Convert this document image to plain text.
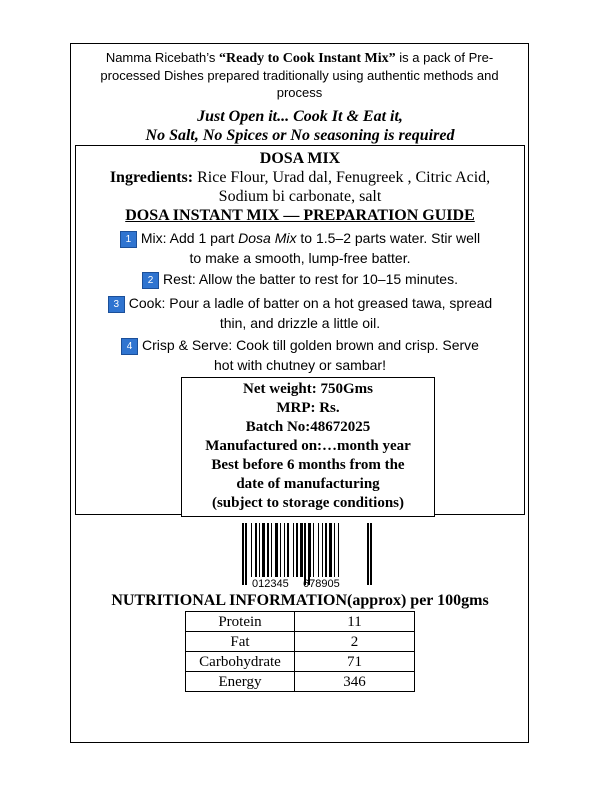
Namma Ricebath’s “Ready to Cook Instant Mix” is a pack of Pre-
processed Dishes prepared traditionally using authentic methods and
process
Just Open it... Cook It & Eat it,
No Salt, No Spices or No seasoning is required
DOSA MIX
Ingredients: Rice Flour, Urad dal, Fenugreek , Citric Acid,
Sodium bi carbonate, salt
DOSA INSTANT MIX — PREPARATION GUIDE
1 Mix: Add 1 part Dosa Mix to 1.5–2 parts water. Stir well
to make a smooth, lump-free batter.
2 Rest: Allow the batter to rest for 10–15 minutes.
3 Cook: Pour a ladle of batter on a hot greased tawa, spread
thin, and drizzle a little oil.
4 Crisp & Serve: Cook till golden brown and crisp. Serve
hot with chutney or sambar!
Net weight: 750Gms
MRP: Rs.
Batch No:48672025
Manufactured on:…month year
Best before 6 months from the
date of manufacturing
(subject to storage conditions)
012345 678905
NUTRITIONAL INFORMATION(approx) per 100gms
Protein	11
Fat	2
Carbohydrate	71
Energy	346
